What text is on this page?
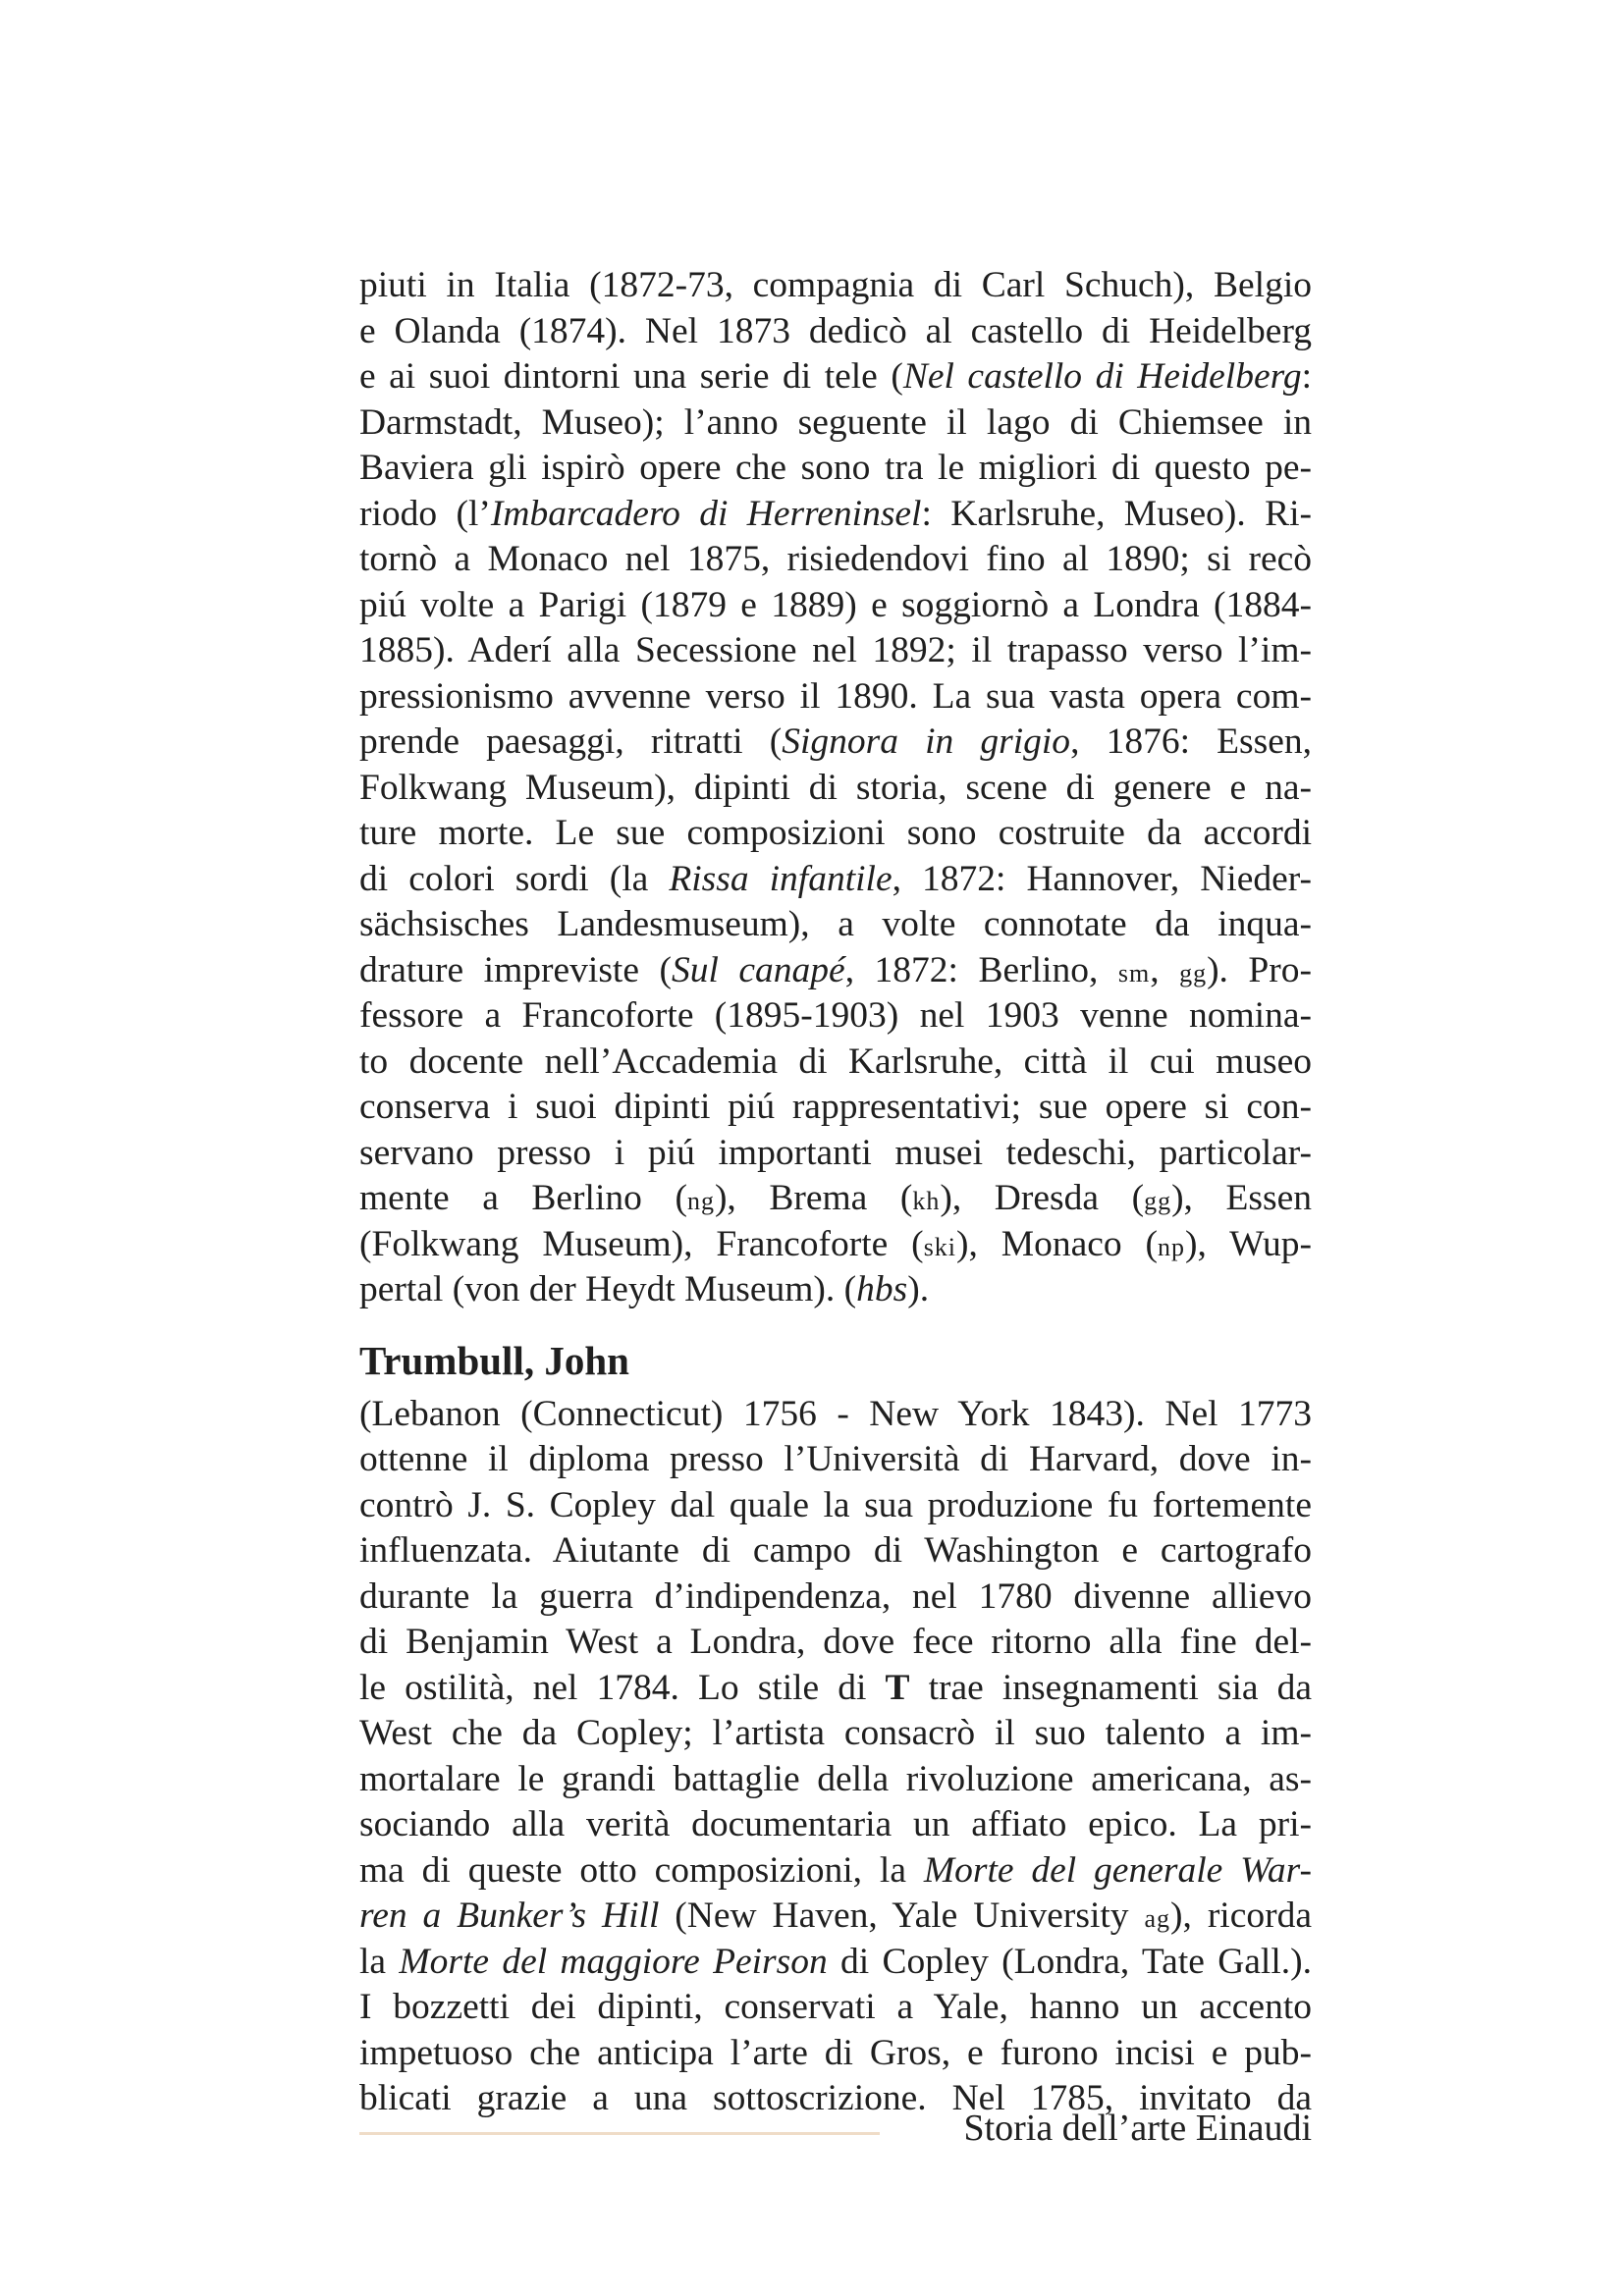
piuti in Italia (1872-73, compagnia di Carl Schuch), Belgio
e Olanda (1874). Nel 1873 dedicò al castello di Heidelberg
e ai suoi dintorni una serie di tele (Nel castello di Heidelberg:
Darmstadt, Museo); l’anno seguente il lago di Chiemsee in
Baviera gli ispirò opere che sono tra le migliori di questo pe-
riodo (l’Imbarcadero di Herreninsel: Karlsruhe, Museo). Ri-
tornò a Monaco nel 1875, risiedendovi fino al 1890; si recò
piú volte a Parigi (1879 e 1889) e soggiornò a Londra (1884-
1885). Aderí alla Secessione nel 1892; il trapasso verso l’im-
pressionismo avvenne verso il 1890. La sua vasta opera com-
prende paesaggi, ritratti (Signora in grigio, 1876: Essen,
Folkwang Museum), dipinti di storia, scene di genere e na-
ture morte. Le sue composizioni sono costruite da accordi
di colori sordi (la Rissa infantile, 1872: Hannover, Nieder-
sächsisches Landesmuseum), a volte connotate da inqua-
drature impreviste (Sul canapé, 1872: Berlino, sm, gg). Pro-
fessore a Francoforte (1895-1903) nel 1903 venne nomina-
to docente nell’Accademia di Karlsruhe, città il cui museo
conserva i suoi dipinti piú rappresentativi; sue opere si con-
servano presso i piú importanti musei tedeschi, particolar-
mente a Berlino (ng), Brema (kh), Dresda (gg), Essen
(Folkwang Museum), Francoforte (ski), Monaco (np), Wup-
pertal (von der Heydt Museum). (hbs).
Trumbull, John
(Lebanon (Connecticut) 1756 - New York 1843). Nel 1773
ottenne il diploma presso l’Università di Harvard, dove in-
contrò J. S. Copley dal quale la sua produzione fu fortemente
influenzata. Aiutante di campo di Washington e cartografo
durante la guerra d’indipendenza, nel 1780 divenne allievo
di Benjamin West a Londra, dove fece ritorno alla fine del-
le ostilità, nel 1784. Lo stile di T trae insegnamenti sia da
West che da Copley; l’artista consacrò il suo talento a im-
mortalare le grandi battaglie della rivoluzione americana, as-
sociando alla verità documentaria un affiato epico. La pri-
ma di queste otto composizioni, la Morte del generale War-
ren a Bunker’s Hill (New Haven, Yale University ag), ricorda
la Morte del maggiore Peirson di Copley (Londra, Tate Gall.).
I bozzetti dei dipinti, conservati a Yale, hanno un accento
impetuoso che anticipa l’arte di Gros, e furono incisi e pub-
blicati grazie a una sottoscrizione. Nel 1785, invitato da
Storia dell’arte Einaudi
